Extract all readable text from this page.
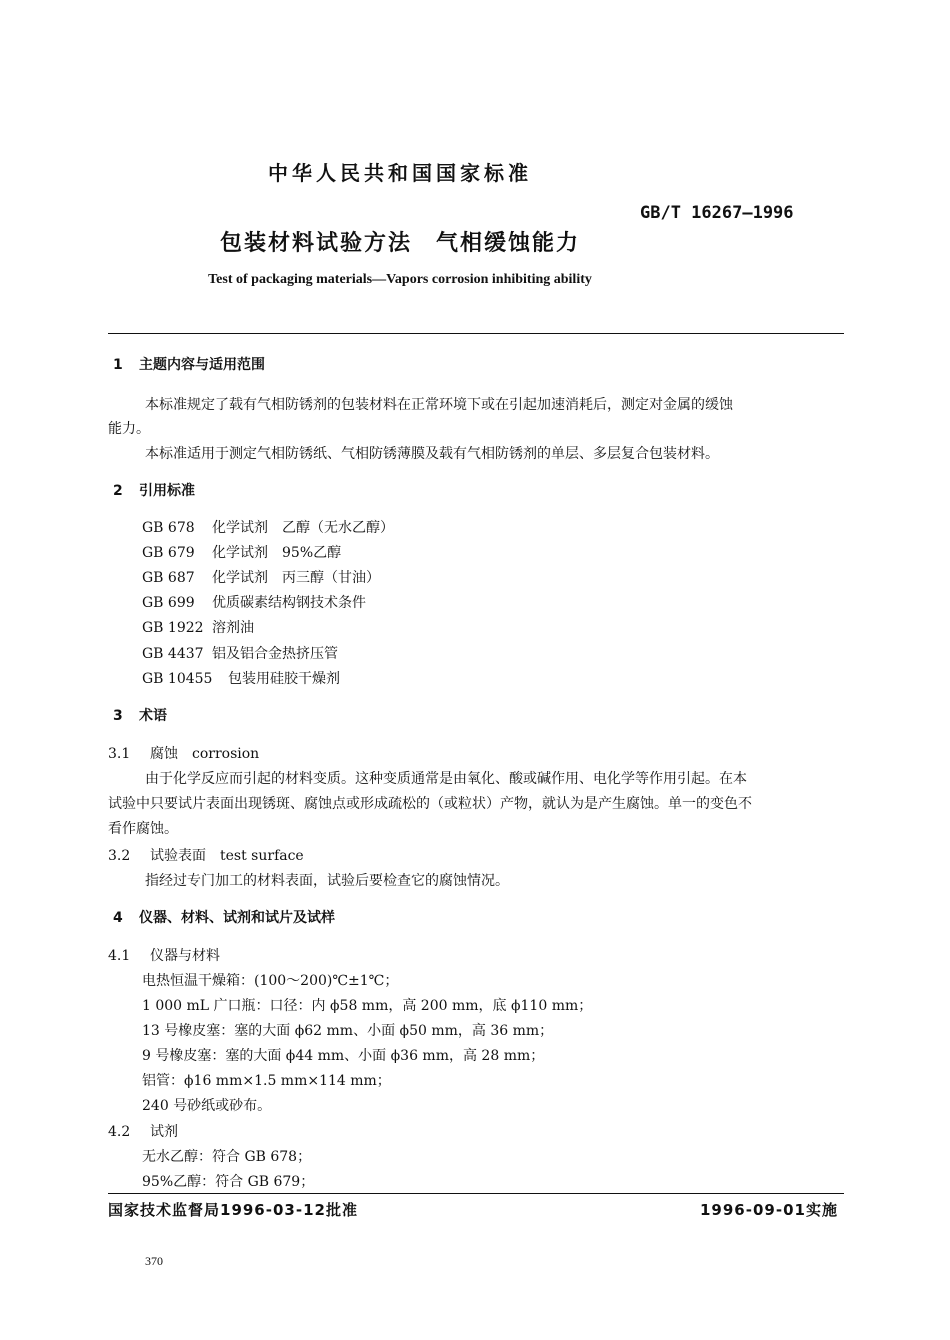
中华人民共和国国家标准
GB/T 16267—1996
包装材料试验方法　气相缓蚀能力
Test of packaging materials—Vapors corrosion inhibiting ability
1 主题内容与适用范围
本标准规定了载有气相防锈剂的包装材料在正常环境下或在引起加速消耗后，测定对金属的缓蚀
能力。
本标准适用于测定气相防锈纸、气相防锈薄膜及载有气相防锈剂的单层、多层复合包装材料。
2 引用标准
GB 678 化学试剂　乙醇（无水乙醇）
GB 679 化学试剂　95%乙醇
GB 687 化学试剂　丙三醇（甘油）
GB 699 优质碳素结构钢技术条件
GB 1922 溶剂油
GB 4437 铝及铝合金热挤压管
GB 10455 包装用硅胶干燥剂
3 术语
3.1 腐蚀　corrosion
由于化学反应而引起的材料变质。这种变质通常是由氧化、酸或碱作用、电化学等作用引起。在本
试验中只要试片表面出现锈斑、腐蚀点或形成疏松的（或粒状）产物，就认为是产生腐蚀。单一的变色不
看作腐蚀。
3.2 试验表面　test surface
指经过专门加工的材料表面，试验后要检查它的腐蚀情况。
4 仪器、材料、试剂和试片及试样
4.1 仪器与材料
电热恒温干燥箱：(100～200)℃±1℃；
1 000 mL 广口瓶：口径：内 ϕ58 mm，高 200 mm，底 ϕ110 mm；
13 号橡皮塞：塞的大面 ϕ62 mm、小面 ϕ50 mm，高 36 mm；
9 号橡皮塞：塞的大面 ϕ44 mm、小面 ϕ36 mm，高 28 mm；
铝管：ϕ16 mm×1.5 mm×114 mm；
240 号砂纸或砂布。
4.2 试剂
无水乙醇：符合 GB 678；
95%乙醇：符合 GB 679；
国家技术监督局1996-03-12批准	1996-09-01实施
370
